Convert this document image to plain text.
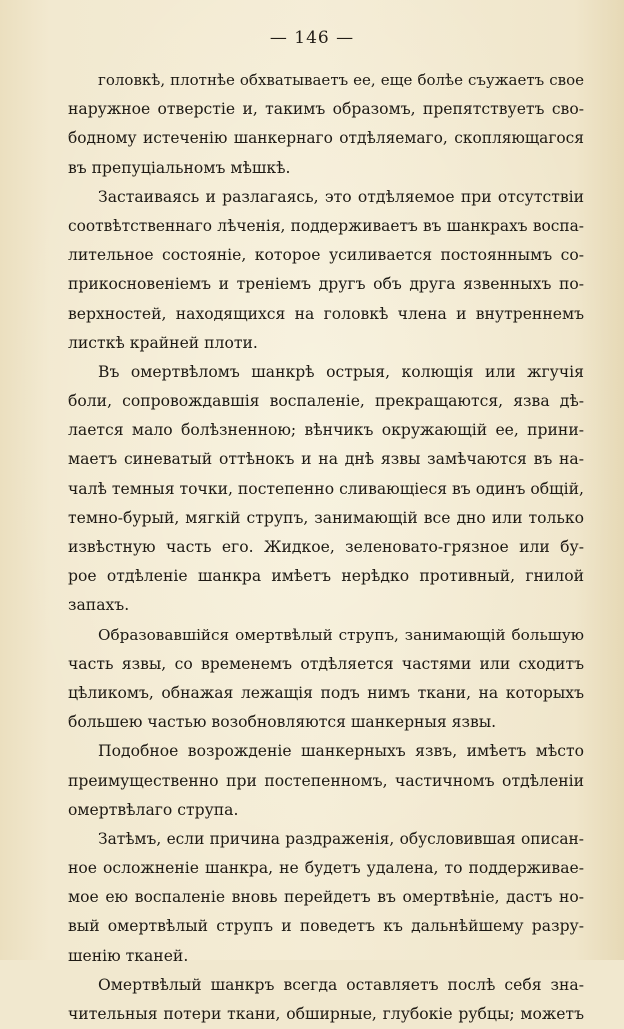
— 146 —
головкѣ, плотнѣе обхватываетъ ее, еще болѣе съужаетъ свое
наружное отверстіе и, такимъ образомъ, препятствуетъ сво-
бодному истеченію шанкернаго отдѣляемаго, скопляющагося
въ препуціальномъ мѣшкѣ.
Застаиваясь и разлагаясь, это отдѣляемое при отсутствіи
соотвѣтственнаго лѣченія, поддерживаетъ въ шанкрахъ воспа-
лительное состояніе, которое усиливается постояннымъ со-
прикосновеніемъ и треніемъ другъ объ друга язвенныхъ по-
верхностей, находящихся на головкѣ члена и внутреннемъ
листкѣ крайней плоти.
Въ омертвѣломъ шанкрѣ острыя, колющія или жгучія
боли, сопровождавшія воспаленіе, прекращаются, язва дѣ-
лается мало болѣзненною; вѣнчикъ окружающій ее, прини-
маетъ синеватый оттѣнокъ и на днѣ язвы замѣчаются въ на-
чалѣ темныя точки, постепенно сливающіеся въ одинъ общій,
темно-бурый, мягкій струпъ, занимающій все дно или только
извѣстную часть его. Жидкое, зеленовато-грязное или бу-
рое отдѣленіе шанкра имѣетъ нерѣдко противный, гнилой
запахъ.
Образовавшійся омертвѣлый струпъ, занимающій большую
часть язвы, со временемъ отдѣляется частями или сходитъ
цѣликомъ, обнажая лежащія подъ нимъ ткани, на которыхъ
большею частью возобновляются шанкерныя язвы.
Подобное возрожденіе шанкерныхъ язвъ, имѣетъ мѣсто
преимущественно при постепенномъ, частичномъ отдѣленіи
омертвѣлаго струпа.
Затѣмъ, если причина раздраженія, обусловившая описан-
ное осложненіе шанкра, не будетъ удалена, то поддерживае-
мое ею воспаленіе вновь перейдетъ въ омертвѣніе, дастъ но-
вый омертвѣлый струпъ и поведетъ къ дальнѣйшему разру-
шенію тканей.
Омертвѣлый шанкръ всегда оставляетъ послѣ себя зна-
чительныя потери ткани, обширные, глубокіе рубцы; можетъ
